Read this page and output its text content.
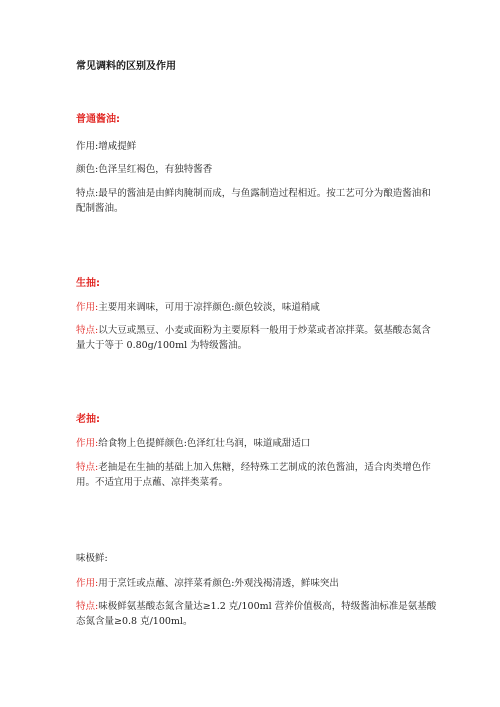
常见调料的区别及作用
普通酱油:
作用:增咸提鲜
颜色:色泽呈红褐色，有独特酱香
特点:最早的酱油是由鲜肉腌制而成，与鱼露制造过程相近。按工艺可分为酿造酱油和配制酱油。
生抽:
作用:主要用来调味，可用于凉拌颜色:颜色较淡，味道稍咸
特点:以大豆或黑豆、小麦或面粉为主要原料一般用于炒菜或者凉拌菜。氨基酸态氮含量大于等于 0.80g/100ml 为特级酱油。
老抽:
作用:给食物上色提鲜颜色:色泽红壮乌润，味道咸甜适口
特点:老抽是在生抽的基础上加入焦糖，经特殊工艺制成的浓色酱油，适合肉类增色作用。不适宜用于点蘸、凉拌类菜肴。
味极鲜:
作用:用于烹饪或点蘸、凉拌菜肴颜色:外观浅褐清透，鲜味突出
特点:味极鲜氨基酸态氮含量达≥1.2 克/100ml 营养价值极高，特级酱油标准是氨基酸态氮含量≥0.8 克/100ml。
